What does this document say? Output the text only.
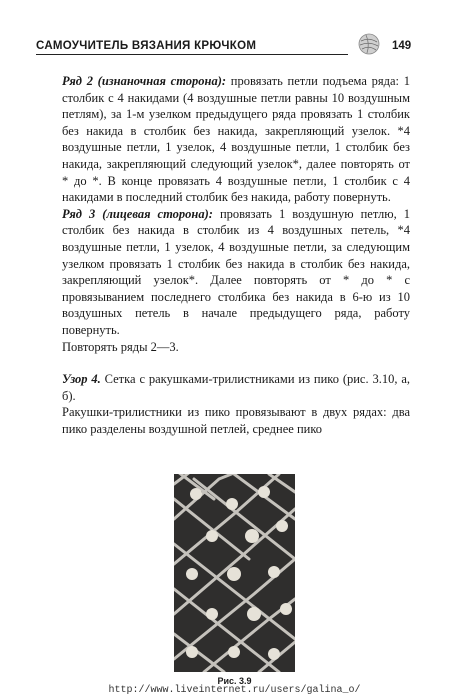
САМОУЧИТЕЛЬ ВЯЗАНИЯ КРЮЧКОМ	149

Ряд 2 (изнаночная сторона): провязать петли подъема ряда: 1 столбик с 4 накидами (4 воздушные петли равны 10 воздушным петлям), за 1-м узелком предыдущего ряда провязать 1 столбик без накида в столбик без накида, закрепляющий узелок. *4 воздушные петли, 1 узелок, 4 воздушные петли, 1 столбик без накида, закрепляющий следующий узелок*, далее повторять от * до *. В конце провязать 4 воздушные петли, 1 столбик с 4 накидами в последний столбик без накида, работу повернуть.

Ряд 3 (лицевая сторона): провязать 1 воздушную петлю, 1 столбик без накида в столбик из 4 воздушных петель, *4 воздушные петли, 1 узелок, 4 воздушные петли, за следующим узелком провязать 1 столбик без накида в столбик без накида, закрепляющий узелок*. Далее повторять от * до * с провязыванием последнего столбика без накида в 6-ю из 10 воздушных петель в начале предыдущего ряда, работу повернуть.

Повторять ряды 2—3.

Узор 4. Сетка с ракушками-трилистниками из пико (рис. 3.10, а, б).

Ракушки-трилистники из пико провязывают в двух рядах: два пико разделены воздушной петлей, среднее пико

Рис. 3.9
http://www.liveinternet.ru/users/galina_o/
